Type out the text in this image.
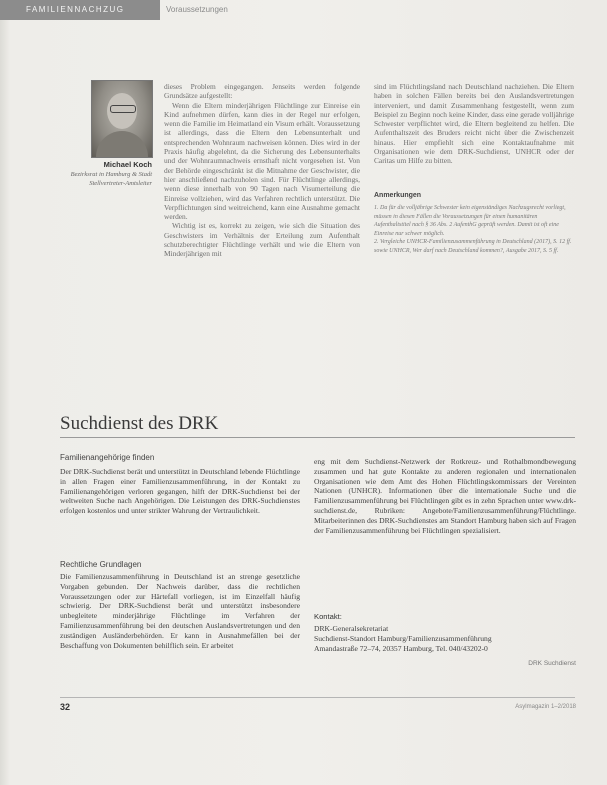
FAMILIENNACHZUG	Voraussetzungen
Michael Koch
Bezirksrat in Hamburg & Stadt Stellvertreter-Amtsleiter

dieses Problem eingegangen. Jenseits werden folgende Grundsätze aufgestellt:

Wenn die Eltern minderjährigen Flüchtlinge zur Einreise ein Kind aufnehmen dürfen, kann dies in der Regel nur erfolgen, wenn die Familie im Heimatland ein Visum erhält. Voraussetzung ist allerdings, dass die Eltern den Lebensunterhalt und entsprechenden Wohnraum nachweisen können. Dies wird in der Praxis häufig abgelehnt, da die Sicherung des Lebensunterhalts und der Wohnraumnachweis ernsthaft nicht vorgesehen ist. Von der Behörde eingeschränkt ist die Mitnahme der Geschwister, die hier anschließend nachzuholen sind. Für Flüchtlinge allerdings, wenn diese innerhalb von 90 Tagen nach Visumerteilung die Einreise vollziehen, wird das Verfahren rechtlich unterstützt. Die Verpflichtungen sind weitreichend, kann eine Ausnahme gemacht werden.

Wichtig ist es, korrekt zu zeigen, wie sich die Situation des Geschwisters im Verhältnis der Erteilung zum Aufenthalt schutzberechtigter Flüchtlinge verhält und wie die Eltern von Minderjährigen mit

sind im Flüchtlingsland nach Deutschland nachziehen. Die Eltern haben in solchen Fällen bereits bei den Auslandsvertretungen interveniert, und damit Zusammenhang festgestellt, wenn zum Beispiel zu Beginn noch keine Kinder, dass eine gerade volljährige Schwester verpflichtet wird, die Eltern begleitend zu helfen. Die Aufenthaltszeit des Bruders reicht nicht über die Zwischenzeit hinaus. Hier empfiehlt sich eine Kontaktaufnahme mit Organisationen wie dem DRK-Suchdienst, UNHCR oder der Caritas um Hilfe zu bitten.

Anmerkungen

1. Da für die volljährige Schwester kein eigenständiges Nachzugsrecht vorliegt, müssen in diesen Fällen die Voraussetzungen für einen humanitären Aufenthaltstitel nach § 36 Abs. 2 AufenthG geprüft werden. Damit ist oft eine Einreise nur schwer möglich.

2. Vergleiche UNHCR-Familienzusammenführung in Deutschland (2017), S. 12 ff. sowie UNHCR, Wer darf nach Deutschland kommen?, Ausgabe 2017, S. 5 ff.

Suchdienst des DRK
Familienangehörige finden
Der DRK-Suchdienst berät und unterstützt in Deutschland lebende Flüchtlinge in allen Fragen einer Familienzusammenführung, in der Kontakt zu Familienangehörigen verloren gegangen, hilft der DRK-Suchdienst bei der weltweiten Suche nach Angehörigen. Die Leistungen des DRK-Suchdienstes erfolgen kostenlos und unter strikter Wahrung der Vertraulichkeit.
Rechtliche Grundlagen
Die Familienzusammenführung in Deutschland ist an strenge gesetzliche Vorgaben gebunden. Der Nachweis darüber, dass die rechtlichen Voraussetzungen oder zur Härtefall vorliegen, ist im Einzelfall häufig schwierig. Der DRK-Suchdienst berät und unterstützt insbesondere unbegleitete minderjährige Flüchtlinge im Verfahren der Familienzusammenführung bei den deutschen Auslandsvertretungen und den zuständigen Ausländerbehörden. Er kann in Ausnahmefällen bei der Beschaffung von Dokumenten behilflich sein. Er arbeitet
eng mit dem Suchdienst-Netzwerk der Rotkreuz- und Rothalbmondbewegung zusammen und hat gute Kontakte zu anderen regionalen und internationalen Organisationen wie dem Amt des Hohen Flüchtlingskommissars der Vereinten Nationen (UNHCR). Informationen über die internationale Suche und die Familienzusammenführung bei Flüchtlingen gibt es in zehn Sprachen unter www.drk-suchdienst.de, Rubriken: Angebote/Familienzusammenführung/Flüchtlinge. Mitarbeiterinnen des DRK-Suchdienstes am Standort Hamburg haben sich auf Fragen der Familienzusammenführung bei Flüchtlingen spezialisiert.
Kontakt:
DRK-Generalsekretariat
Suchdienst-Standort Hamburg/Familienzusammenführung
Amandastraße 72–74, 20357 Hamburg, Tel. 040/43202-0
DRK Suchdienst
32	Asylmagazin 1–2/2018
